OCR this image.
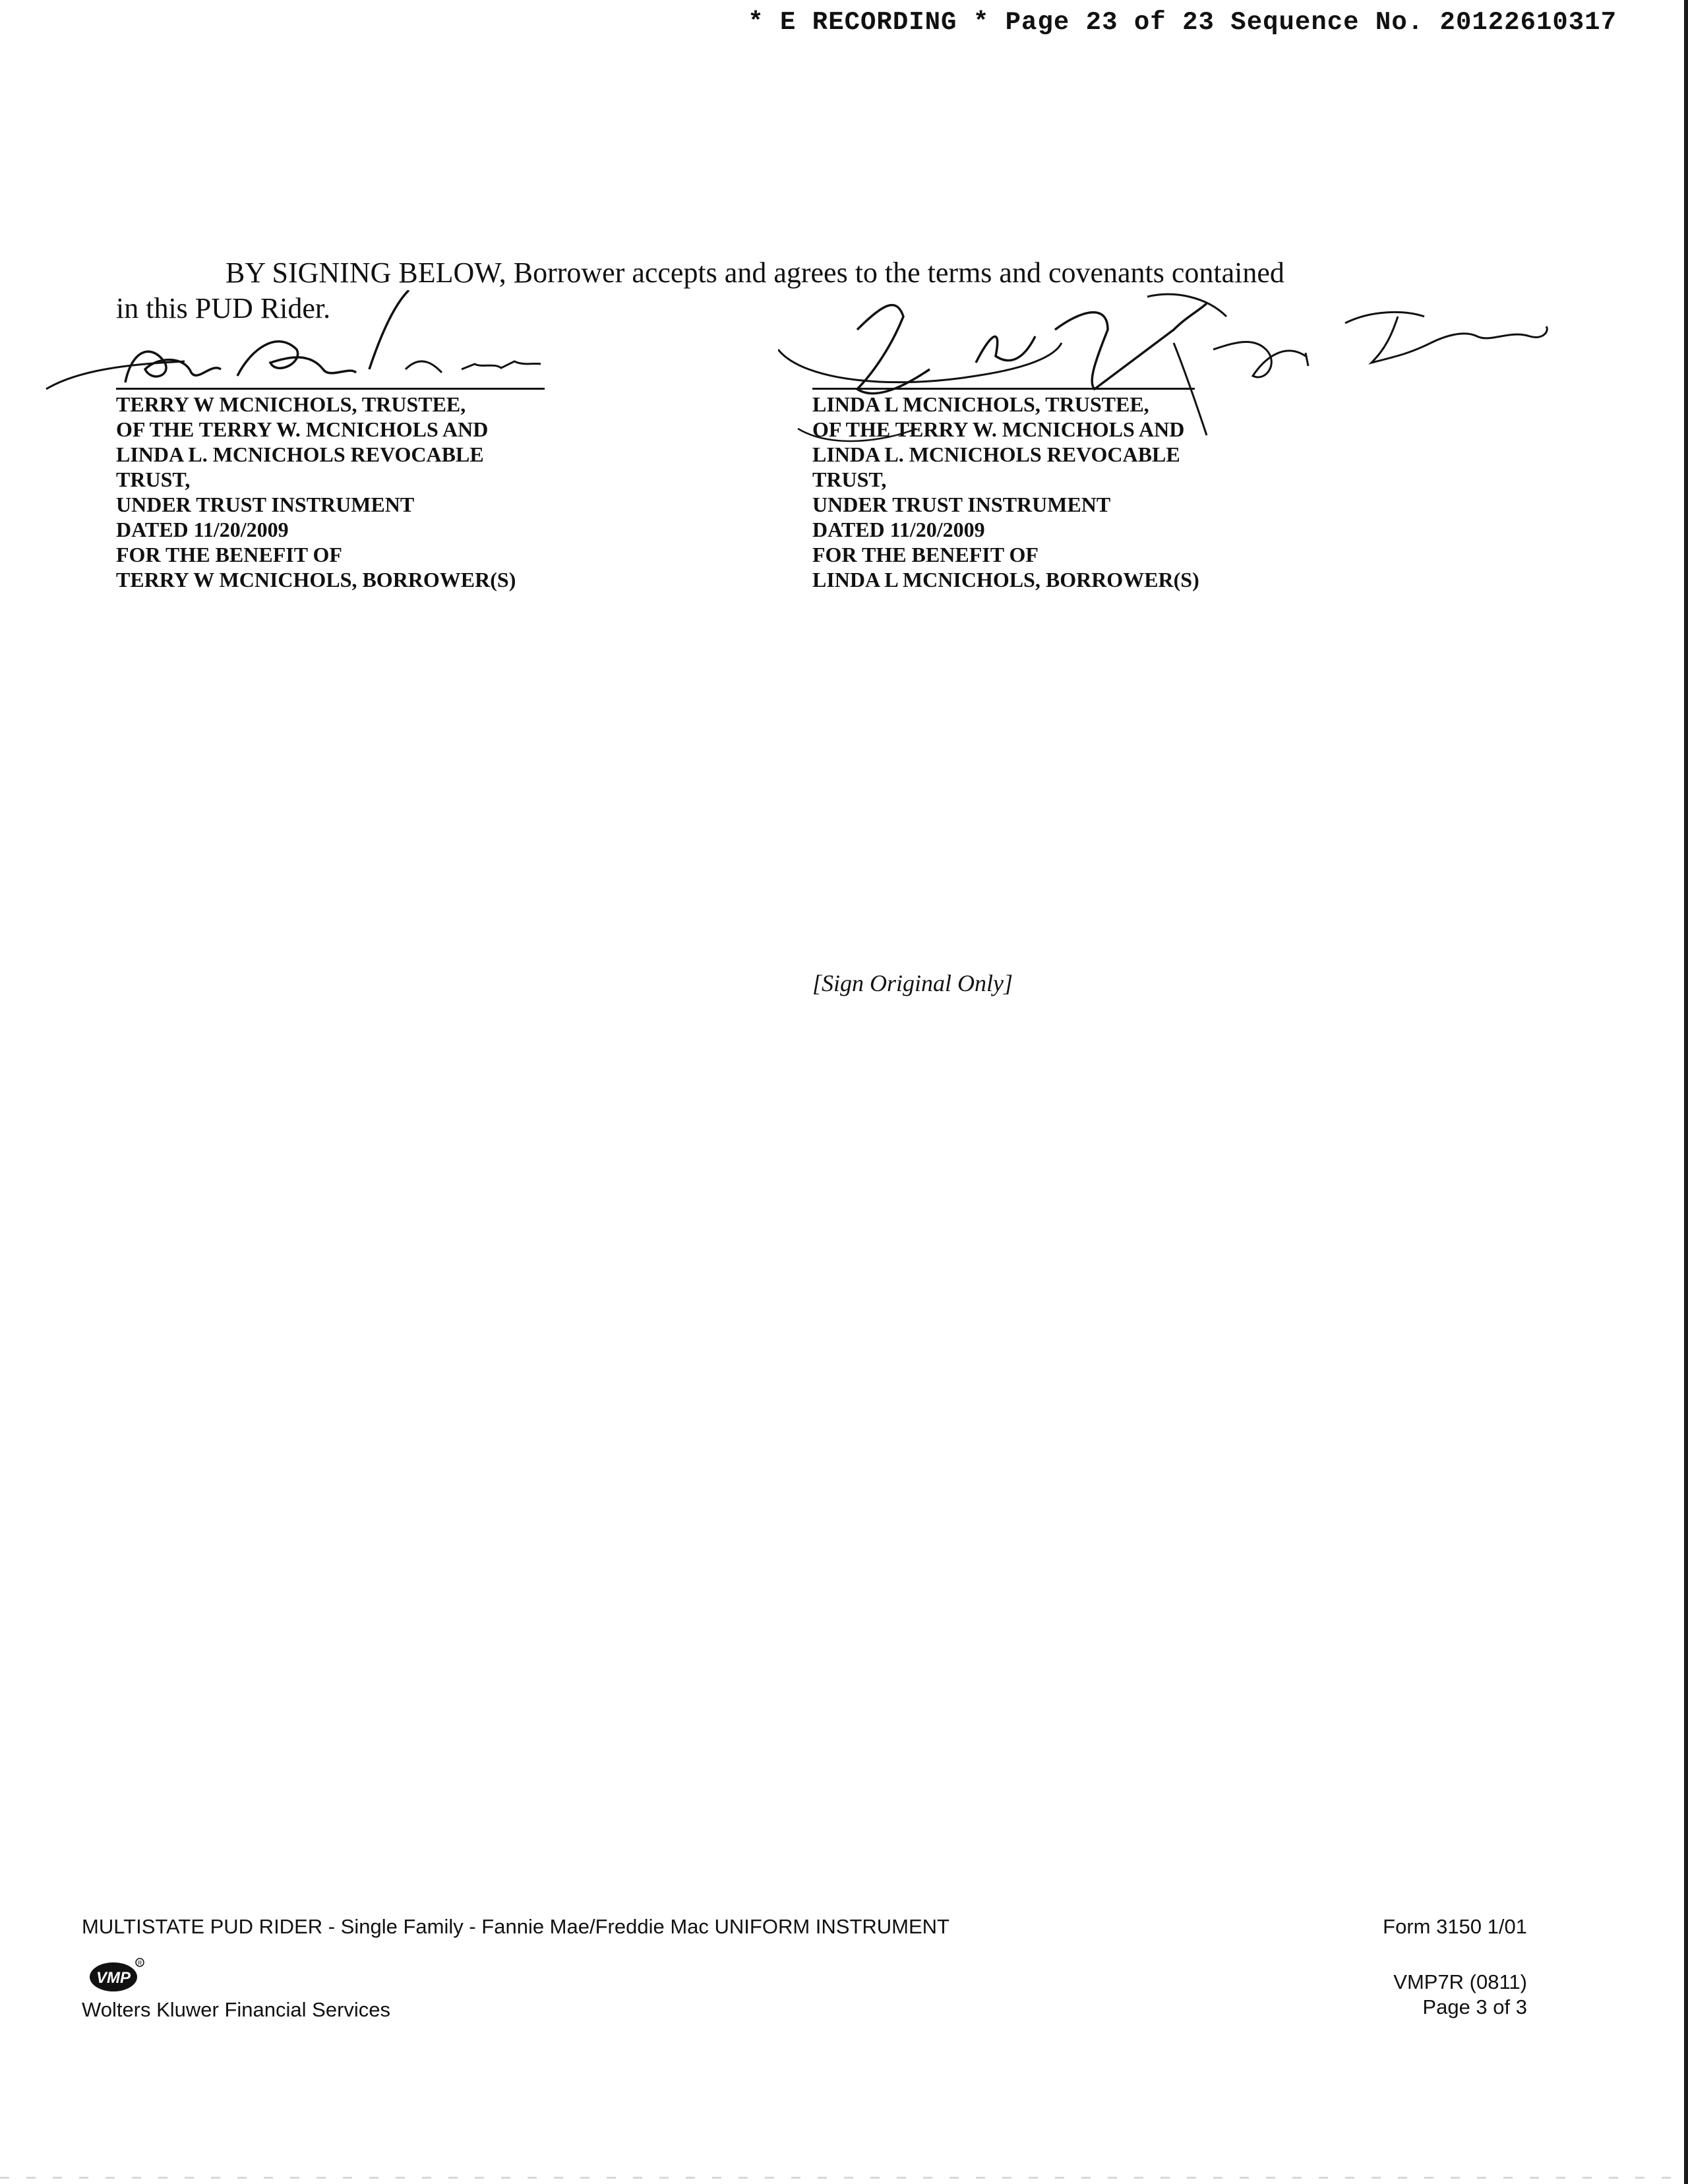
* E RECORDING * Page 23 of 23 Sequence No. 20122610317
BY SIGNING BELOW, Borrower accepts and agrees to the terms and covenants contained
in this PUD Rider.
TERRY W MCNICHOLS, TRUSTEE,
OF THE TERRY W. MCNICHOLS AND
LINDA L. MCNICHOLS REVOCABLE
TRUST,
UNDER TRUST INSTRUMENT
DATED 11/20/2009
FOR THE BENEFIT OF
TERRY W MCNICHOLS, BORROWER(S)
LINDA L MCNICHOLS, TRUSTEE,
OF THE TERRY W. MCNICHOLS AND
LINDA L. MCNICHOLS REVOCABLE
TRUST,
UNDER TRUST INSTRUMENT
DATED 11/20/2009
FOR THE BENEFIT OF
LINDA L MCNICHOLS, BORROWER(S)
[Sign Original Only]
MULTISTATE PUD RIDER - Single Family - Fannie Mae/Freddie Mac UNIFORM INSTRUMENT	Form 3150 1/01
VMP
R
VMP7R (0811)
Wolters Kluwer Financial Services	Page 3 of 3
